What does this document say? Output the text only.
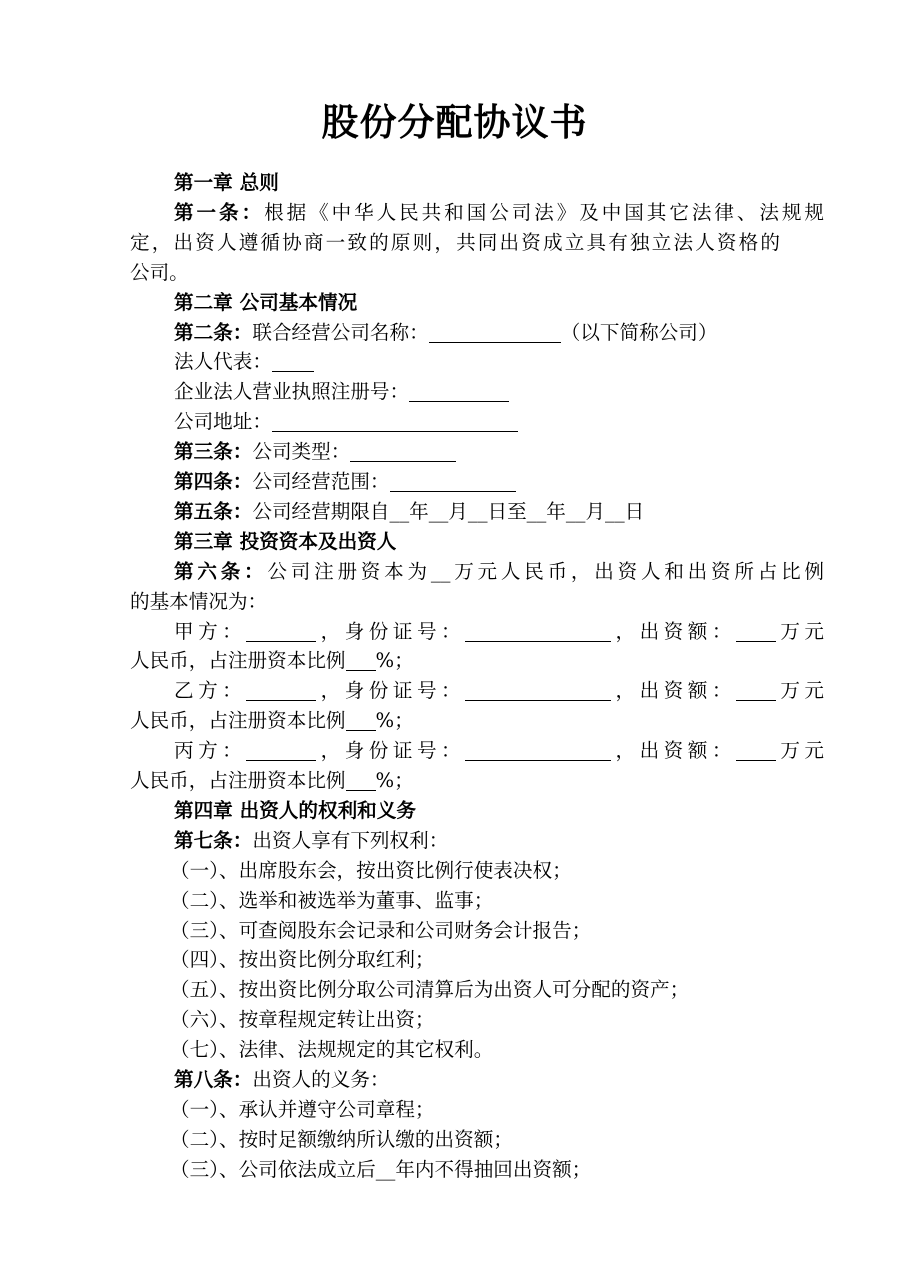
股份分配协议书
第一章 总则
第一条：根据《中华人民共和国公司法》及中国其它法律、法规规
定，出资人遵循协商一致的原则，共同出资成立具有独立法人资格的
公司。
第二章 公司基本情况
第二条：联合经营公司名称：	（以下简称公司）
法人代表：
企业法人营业执照注册号：
公司地址：
第三条：公司类型：
第四条：公司经营范围：
第五条：公司经营期限自__年__月__日至__年__月__日
第三章 投资资本及出资人
第六条：公司注册资本为__万元人民币，出资人和出资所占比例
的基本情况为：
甲方：	，身份证号：	，出资额： 万元
人民币，占注册资本比例 %；
乙方：	，身份证号：	，出资额： 万元
人民币，占注册资本比例 %；
丙方：	，身份证号：	，出资额： 万元
人民币，占注册资本比例 %；
第四章 出资人的权利和义务
第七条：出资人享有下列权利：
（一）、出席股东会，按出资比例行使表决权；
（二）、选举和被选举为董事、监事；
（三）、可查阅股东会记录和公司财务会计报告；
（四）、按出资比例分取红利；
（五）、按出资比例分取公司清算后为出资人可分配的资产；
（六）、按章程规定转让出资；
（七）、法律、法规规定的其它权利。
第八条：出资人的义务：
（一）、承认并遵守公司章程；
（二）、按时足额缴纳所认缴的出资额；
（三）、公司依法成立后__年内不得抽回出资额；
